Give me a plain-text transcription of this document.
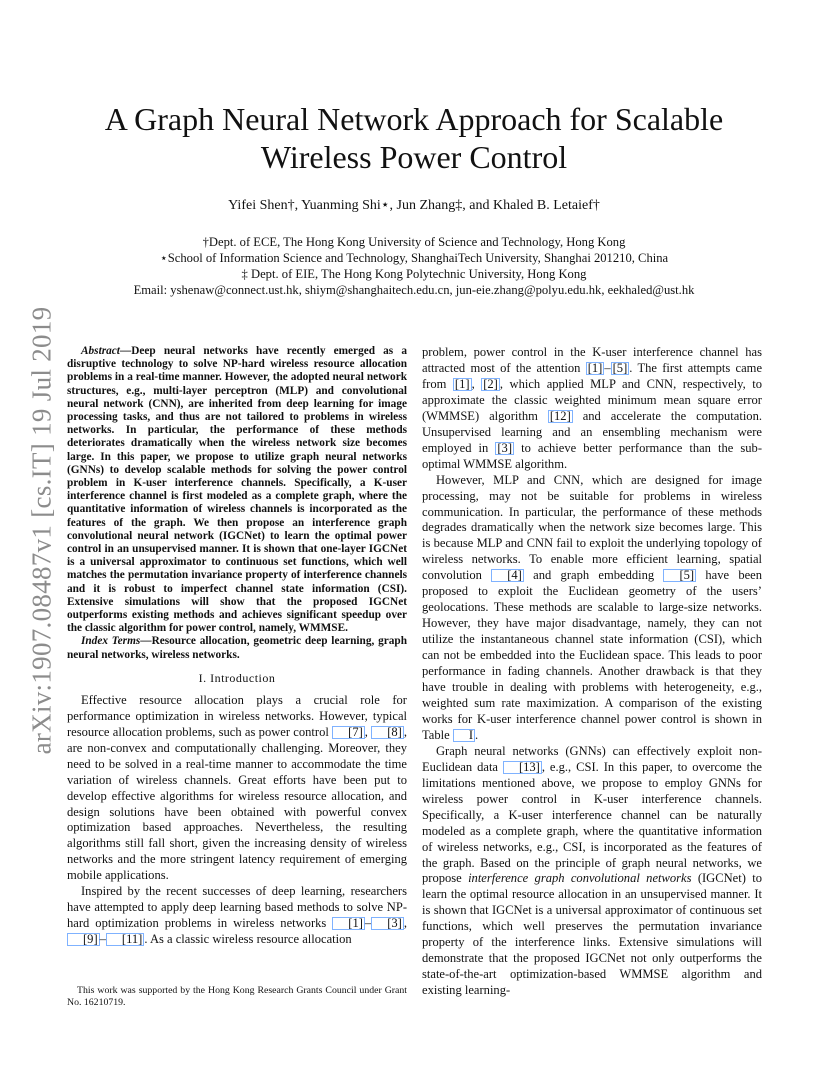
arXiv:1907.08487v1 [cs.IT] 19 Jul 2019
A Graph Neural Network Approach for Scalable
Wireless Power Control
Yifei Shen†, Yuanming Shi⋆, Jun Zhang‡, and Khaled B. Letaief†
†Dept. of ECE, The Hong Kong University of Science and Technology, Hong Kong
⋆School of Information Science and Technology, ShanghaiTech University, Shanghai 201210, China
‡ Dept. of EIE, The Hong Kong Polytechnic University, Hong Kong
Email: yshenaw@connect.ust.hk, shiym@shanghaitech.edu.cn, jun-eie.zhang@polyu.edu.hk, eekhaled@ust.hk

Abstract—Deep neural networks have recently emerged as a disruptive technology to solve NP-hard wireless resource allocation problems in a real-time manner. However, the adopted neural network structures, e.g., multi-layer perceptron (MLP) and convolutional neural network (CNN), are inherited from deep learning for image processing tasks, and thus are not tailored to problems in wireless networks. In particular, the performance of these methods deteriorates dramatically when the wireless network size becomes large. In this paper, we propose to utilize graph neural networks (GNNs) to develop scalable methods for solving the power control problem in K-user interference channels. Specifically, a K-user interference channel is first modeled as a complete graph, where the quantitative information of wireless channels is incorporated as the features of the graph. We then propose an interference graph convolutional neural network (IGCNet) to learn the optimal power control in an unsupervised manner. It is shown that one-layer IGCNet is a universal approximator to continuous set functions, which well matches the permutation invariance property of interference channels and it is robust to imperfect channel state information (CSI). Extensive simulations will show that the proposed IGCNet outperforms existing methods and achieves significant speedup over the classic algorithm for power control, namely, WMMSE.

Index Terms—Resource allocation, geometric deep learning, graph neural networks, wireless networks.

I. Introduction

Effective resource allocation plays a crucial role for performance optimization in wireless networks. However, typical resource allocation problems, such as power control [7] , [8] , are non-convex and computationally challenging. Moreover, they need to be solved in a real-time manner to accommodate the time variation of wireless channels. Great efforts have been put to develop effective algorithms for wireless resource allocation, and design solutions have been obtained with powerful convex optimization based approaches. Nevertheless, the resulting algorithms still fall short, given the increasing density of wireless networks and the more stringent latency requirement of emerging mobile applications.

Inspired by the recent successes of deep learning, researchers have attempted to apply deep learning based methods to solve NP-hard optimization problems in wireless networks [1] – [3] , [9] – [11] . As a classic wireless resource allocation

This work was supported by the Hong Kong Research Grants Council under Grant No. 16210719.

problem, power control in the K-user interference channel has attracted most of the attention [1] – [5] . The first attempts came from [1] , [2] , which applied MLP and CNN, respectively, to approximate the classic weighted minimum mean square error (WMMSE) algorithm [12] and accelerate the computation. Unsupervised learning and an ensembling mechanism were employed in [3] to achieve better performance than the sub-optimal WMMSE algorithm.

However, MLP and CNN, which are designed for image processing, may not be suitable for problems in wireless communication. In particular, the performance of these methods degrades dramatically when the network size becomes large. This is because MLP and CNN fail to exploit the underlying topology of wireless networks. To enable more efficient learning, spatial convolution [4] and graph embedding [5] have been proposed to exploit the Euclidean geometry of the users’ geolocations. These methods are scalable to large-size networks. However, they have major disadvantage, namely, they can not utilize the instantaneous channel state information (CSI), which can not be embedded into the Euclidean space. This leads to poor performance in fading channels. Another drawback is that they have trouble in dealing with problems with heterogeneity, e.g., weighted sum rate maximization. A comparison of the existing works for K-user interference channel power control is shown in Table I .

Graph neural networks (GNNs) can effectively exploit non-Euclidean data [13] , e.g., CSI. In this paper, to overcome the limitations mentioned above, we propose to employ GNNs for wireless power control in K-user interference channels. Specifically, a K-user interference channel can be naturally modeled as a complete graph, where the quantitative information of wireless networks, e.g., CSI, is incorporated as the features of the graph. Based on the principle of graph neural networks, we propose interference graph convolutional networks (IGCNet) to learn the optimal resource allocation in an unsupervised manner. It is shown that IGCNet is a universal approximator of continuous set functions, which well preserves the permutation invariance property of the interference links. Extensive simulations will demonstrate that the proposed IGCNet not only outperforms the state-of-the-art optimization-based WMMSE algorithm and existing learning-
